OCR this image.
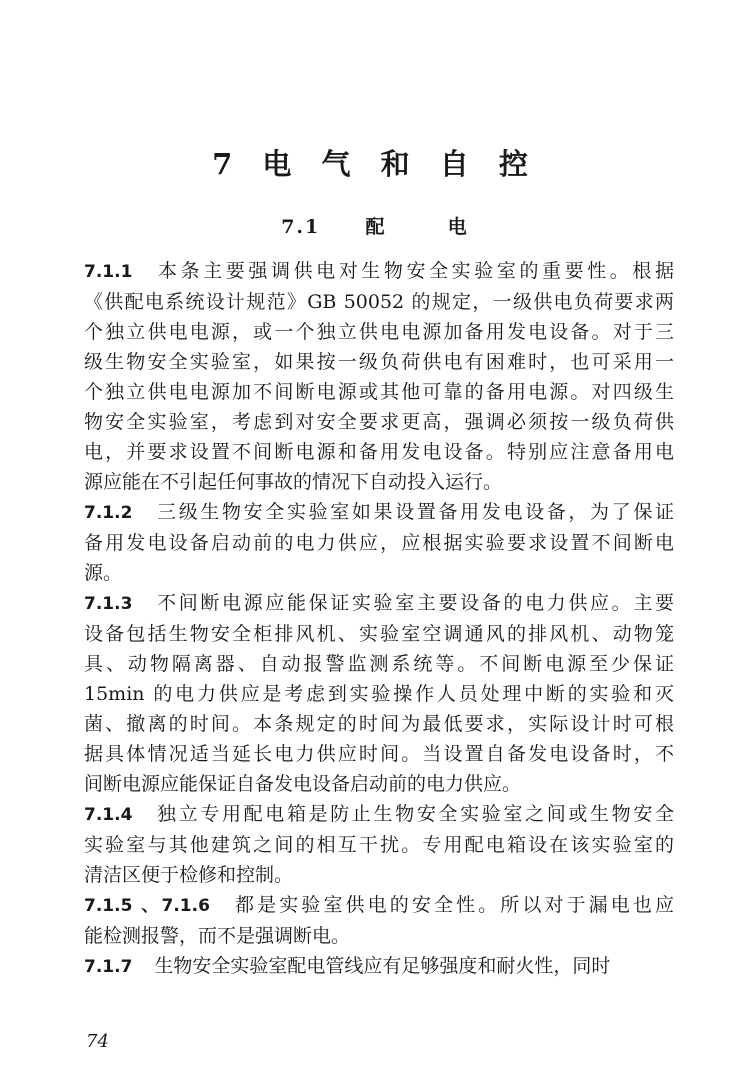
7 电 气 和 自 控
7.1 配	电
7.1.1 本条主要强调供电对生物安全实验室的重要性。根据
《供配电系统设计规范》GB 50052 的规定，一级供电负荷要求两
个独立供电电源，或一个独立供电电源加备用发电设备。对于三
级生物安全实验室，如果按一级负荷供电有困难时，也可采用一
个独立供电电源加不间断电源或其他可靠的备用电源。对四级生
物安全实验室，考虑到对安全要求更高，强调必须按一级负荷供
电，并要求设置不间断电源和备用发电设备。特别应注意备用电
源应能在不引起任何事故的情况下自动投入运行。
7.1.2 三级生物安全实验室如果设置备用发电设备，为了保证
备用发电设备启动前的电力供应，应根据实验要求设置不间断电
源。
7.1.3 不间断电源应能保证实验室主要设备的电力供应。主要
设备包括生物安全柜排风机、实验室空调通风的排风机、动物笼
具、动物隔离器、自动报警监测系统等。不间断电源至少保证
15min 的电力供应是考虑到实验操作人员处理中断的实验和灭
菌、撤离的时间。本条规定的时间为最低要求，实际设计时可根
据具体情况适当延长电力供应时间。当设置自备发电设备时，不
间断电源应能保证自备发电设备启动前的电力供应。
7.1.4 独立专用配电箱是防止生物安全实验室之间或生物安全
实验室与其他建筑之间的相互干扰。专用配电箱设在该实验室的
清洁区便于检修和控制。
7.1.5 、7.1.6 都是实验室供电的安全性。所以对于漏电也应
能检测报警，而不是强调断电。
7.1.7 生物安全实验室配电管线应有足够强度和耐火性，同时
74
